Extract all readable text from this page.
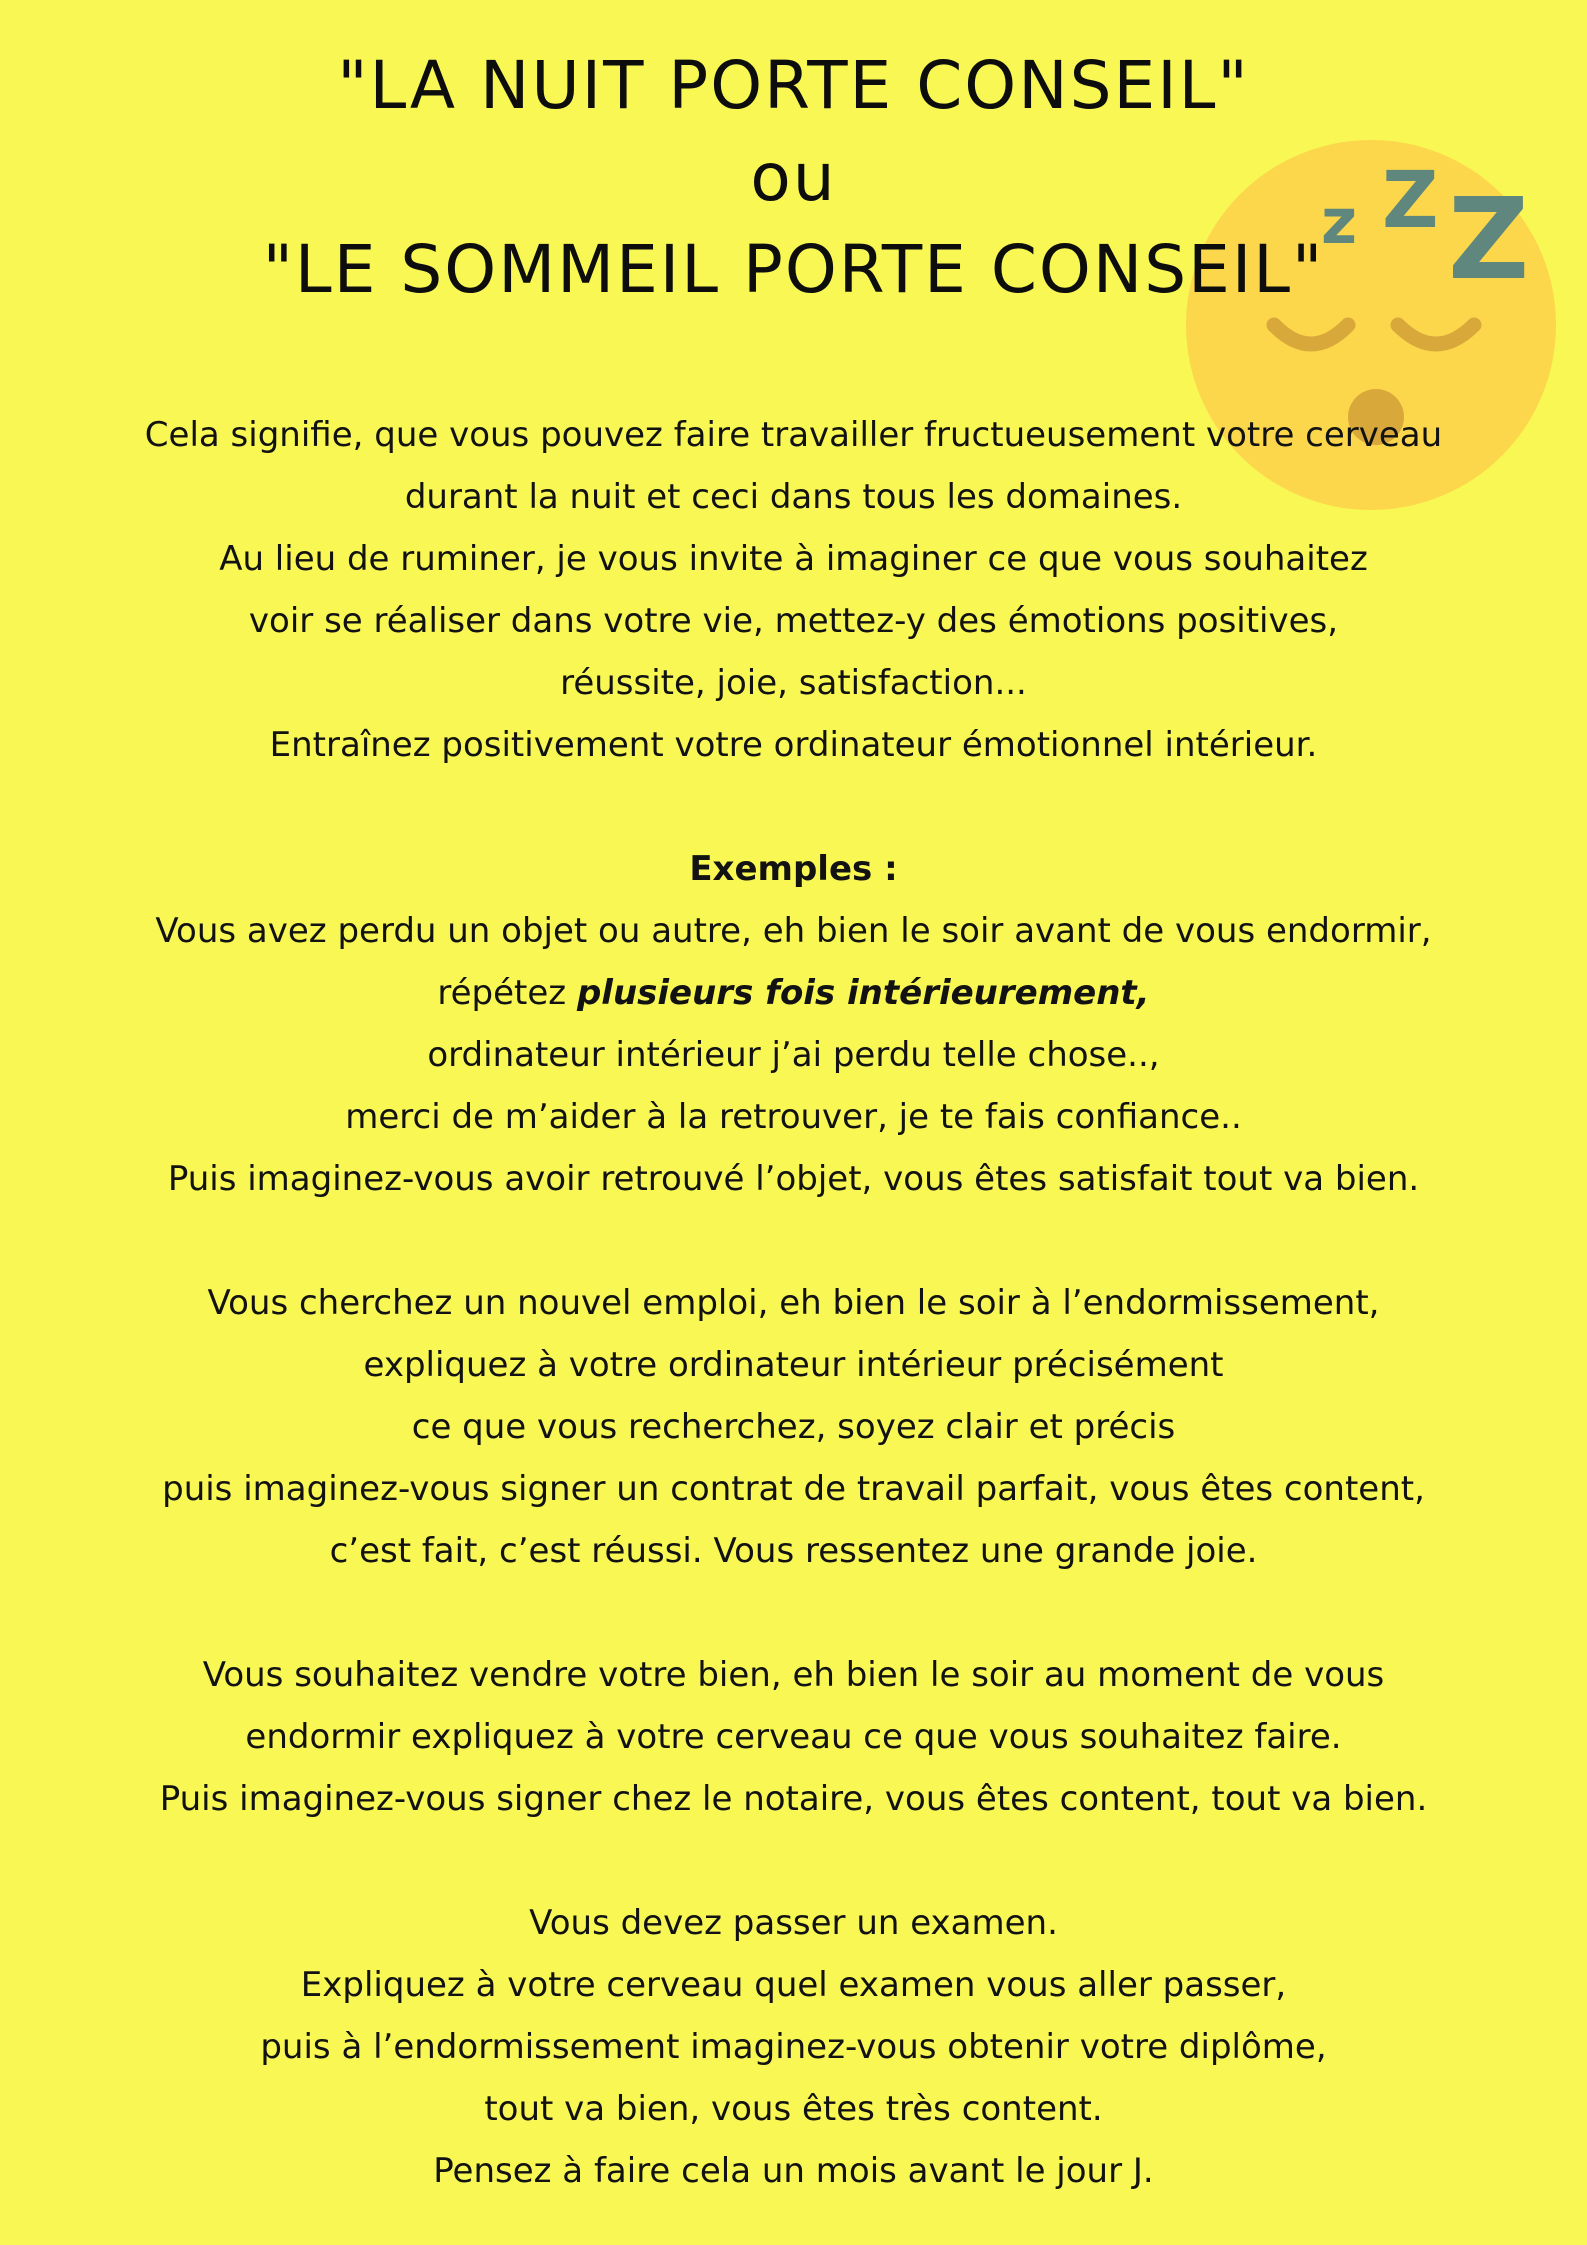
z Z Z
"LA NUIT PORTE CONSEIL"
ou
"LE SOMMEIL PORTE CONSEIL"
Cela signifie, que vous pouvez faire travailler fructueusement votre cerveau
durant la nuit et ceci dans tous les domaines.
Au lieu de ruminer, je vous invite à imaginer ce que vous souhaitez
voir se réaliser dans votre vie, mettez-y des émotions positives,
réussite, joie, satisfaction...
Entraînez positivement votre ordinateur émotionnel intérieur.
Exemples :
Vous avez perdu un objet ou autre, eh bien le soir avant de vous endormir,
répétez plusieurs fois intérieurement,
ordinateur intérieur j’ai perdu telle chose..,
merci de m’aider à la retrouver, je te fais confiance..
Puis imaginez-vous avoir retrouvé l’objet, vous êtes satisfait tout va bien.
Vous cherchez un nouvel emploi, eh bien le soir à l’endormissement,
expliquez à votre ordinateur intérieur précisément
ce que vous recherchez, soyez clair et précis
puis imaginez-vous signer un contrat de travail parfait, vous êtes content,
c’est fait, c’est réussi. Vous ressentez une grande joie.
Vous souhaitez vendre votre bien, eh bien le soir au moment de vous
endormir expliquez à votre cerveau ce que vous souhaitez faire.
Puis imaginez-vous signer chez le notaire, vous êtes content, tout va bien.
Vous devez passer un examen.
Expliquez à votre cerveau quel examen vous aller passer,
puis à l’endormissement imaginez-vous obtenir votre diplôme,
tout va bien, vous êtes très content.
Pensez à faire cela un mois avant le jour J.
